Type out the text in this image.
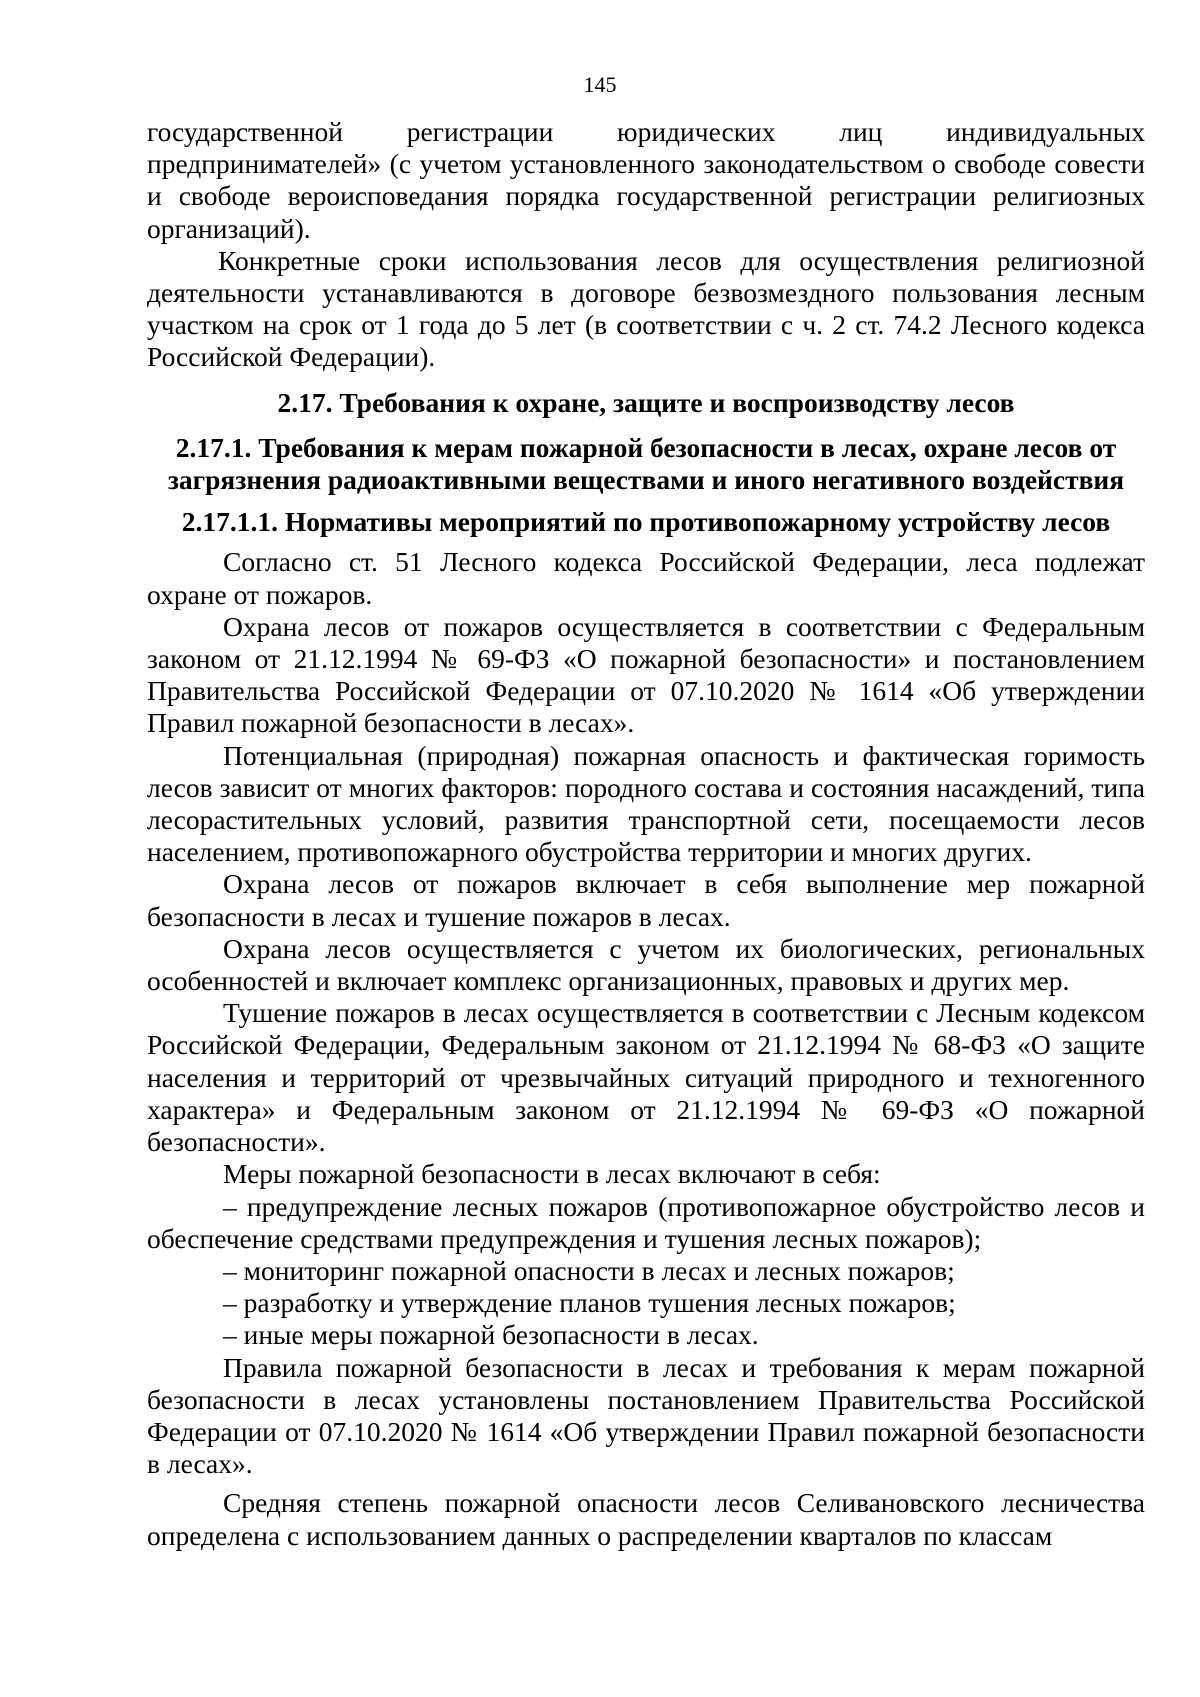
145

государственной регистрации юридических лиц индивидуальных предпринимателей» (с учетом установленного законодательством о свободе совести и свободе вероисповедания порядка государственной регистрации религиозных организаций).

Конкретные сроки использования лесов для осуществления религиозной деятельности устанавливаются в договоре безвозмездного пользования лесным участком на срок от 1 года до 5 лет (в соответствии с ч. 2 ст. 74.2 Лесного кодекса Российской Федерации).

2.17. Требования к охране, защите и воспроизводству лесов

2.17.1. Требования к мерам пожарной безопасности в лесах, охране лесов от загрязнения радиоактивными веществами и иного негативного воздействия

2.17.1.1. Нормативы мероприятий по противопожарному устройству лесов

Согласно ст. 51 Лесного кодекса Российской Федерации, леса подлежат охране от пожаров.

Охрана лесов от пожаров осуществляется в соответствии с Федеральным законом от 21.12.1994 № 69-ФЗ «О пожарной безопасности» и постановлением Правительства Российской Федерации от 07.10.2020 № 1614 «Об утверждении Правил пожарной безопасности в лесах».

Потенциальная (природная) пожарная опасность и фактическая горимость лесов зависит от многих факторов: породного состава и состояния насаждений, типа лесорастительных условий, развития транспортной сети, посещаемости лесов населением, противопожарного обустройства территории и многих других.

Охрана лесов от пожаров включает в себя выполнение мер пожарной безопасности в лесах и тушение пожаров в лесах.

Охрана лесов осуществляется с учетом их биологических, региональных особенностей и включает комплекс организационных, правовых и других мер.

Тушение пожаров в лесах осуществляется в соответствии с Лесным кодексом Российской Федерации, Федеральным законом от 21.12.1994 № 68-ФЗ «О защите населения и территорий от чрезвычайных ситуаций природного и техногенного характера» и Федеральным законом от 21.12.1994 № 69-ФЗ «О пожарной безопасности».

Меры пожарной безопасности в лесах включают в себя:

– предупреждение лесных пожаров (противопожарное обустройство лесов и обеспечение средствами предупреждения и тушения лесных пожаров);

– мониторинг пожарной опасности в лесах и лесных пожаров;

– разработку и утверждение планов тушения лесных пожаров;

– иные меры пожарной безопасности в лесах.

Правила пожарной безопасности в лесах и требования к мерам пожарной безопасности в лесах установлены постановлением Правительства Российской Федерации от 07.10.2020 № 1614 «Об утверждении Правил пожарной безопасности в лесах».

Средняя степень пожарной опасности лесов Селивановского лесничества определена с использованием данных о распределении кварталов по классам
